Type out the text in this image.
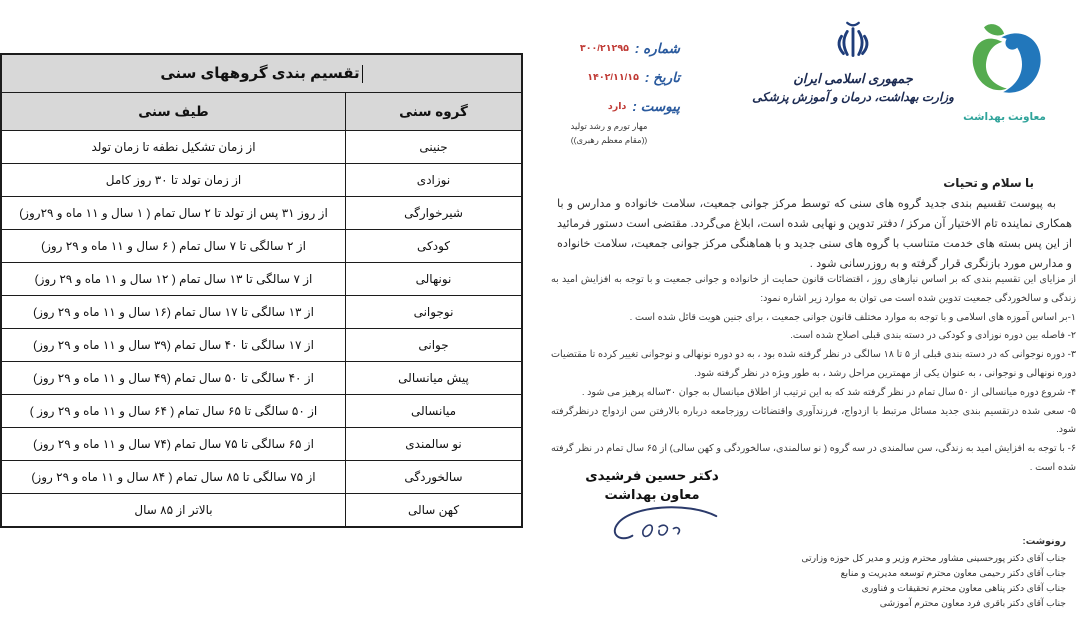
تقسیم بندی گروههای سنی
گروه سنی
طیف سنی
جنینی
از زمان تشکیل نطفه تا زمان تولد
نوزادی
از زمان تولد تا ۳۰ روز کامل
شیرخوارگی
از روز ۳۱ پس از تولد تا ۲ سال تمام ( ۱ سال و ۱۱ ماه و ۲۹روز)
کودکی
از ۲ سالگی تا ۷ سال تمام ( ۶ سال و ۱۱ ماه و ۲۹ روز)
نونهالی
از ۷ سالگی تا ۱۳ سال تمام ( ۱۲ سال و ۱۱ ماه و ۲۹ روز)
نوجوانی
از ۱۳ سالگی تا ۱۷ سال تمام (۱۶ سال و ۱۱ ماه و ۲۹ روز)
جوانی
از ۱۷ سالگی تا ۴۰ سال تمام (۳۹ سال و ۱۱ ماه و ۲۹ روز)
پیش میانسالی
از ۴۰ سالگی تا ۵۰ سال تمام (۴۹ سال و ۱۱ ماه و ۲۹ روز)
میانسالی
از ۵۰ سالگی تا ۶۵ سال تمام ( ۶۴ سال و ۱۱ ماه و ۲۹ روز )
نو سالمندی
از ۶۵ سالگی تا ۷۵ سال تمام (۷۴ سال و ۱۱ ماه و ۲۹ روز)
سالخوردگی
از ۷۵ سالگی تا ۸۵ سال تمام ( ۸۴ سال و ۱۱ ماه و ۲۹ روز)
کهن سالی
بالاتر از ۸۵ سال
شماره :
۳۰۰/۲۱۲۹۵
تاریخ :
۱۴۰۲/۱۱/۱۵
پیوست :
دارد
مهار تورم و رشد تولید
((مقام معظم رهبری))
جمهوری اسلامی ایران
وزارت بهداشت، درمان و آموزش پزشکی
معاونت بهداشت
با سلام و تحیات
به پیوست تقسیم بندی جدید گروه های سنی که توسط مرکز جوانی جمعیت، سلامت خانواده و مدارس و با همکاری نماینده تام الاختیار آن مرکز / دفتر تدوین و نهایی شده است، ابلاغ می‌گردد. مقتضی است دستور فرمائید از این پس بسته های خدمت متناسب با گروه های سنی جدید و با هماهنگی مرکز جوانی جمعیت، سلامت خانواده و مدارس مورد بازنگری قرار گرفته و به روزرسانی شود .
از مزایای این تقسیم بندی که بر اساس نیازهای روز ، اقتضائات قانون حمایت از خانواده و جوانی جمعیت و با توجه به افزایش امید به زندگی و سالخوردگی جمعیت تدوین شده است می توان به موارد زیر اشاره نمود:
۱-بر اساس آموزه های اسلامی و با توجه به موارد مختلف قانون جوانی جمعیت ، برای جنین هویت قائل شده است .
۲- فاصله بین دوره نوزادی و کودکی در دسته بندی قبلی اصلاح شده است.
۳- دوره نوجوانی که در دسته بندی قبلی از ۵ تا ۱۸ سالگی در نظر گرفته شده بود ، به دو دوره نونهالی و نوجوانی تغییر کرده تا مقتضیات دوره نونهالی و نوجوانی ، به عنوان یکی از مهمترین مراحل رشد ، به طور ویژه در نظر گرفته شود.
۴- شروع دوره میانسالی از ۵۰ سال تمام در نظر گرفته شد که به این ترتیب از اطلاق میانسال به جوان ۳۰ساله پرهیز می شود .
۵- سعی شده درتقسیم بندی جدید مسائل مرتبط با ازدواج، فرزندآوری واقتضائات روزجامعه درباره بالارفتن سن ازدواج درنظرگرفته شود.
۶- با توجه به افزایش امید به زندگی، سن سالمندی در سه گروه ( نو سالمندی، سالخوردگی و کهن سالی) از ۶۵ سال تمام در نظر گرفته شده است .
دکتر حسین فرشیدی
معاون بهداشت
رونوشت:
جناب آقای دکتر پورحسینی مشاور محترم وزیر و مدیر کل حوزه وزارتی
جناب آقای دکتر رحیمی معاون محترم توسعه مدیریت و منابع
جناب آقای دکتر پناهی معاون محترم تحقیقات و فناوری
جناب آقای دکتر باقری فرد معاون محترم آموزشی
